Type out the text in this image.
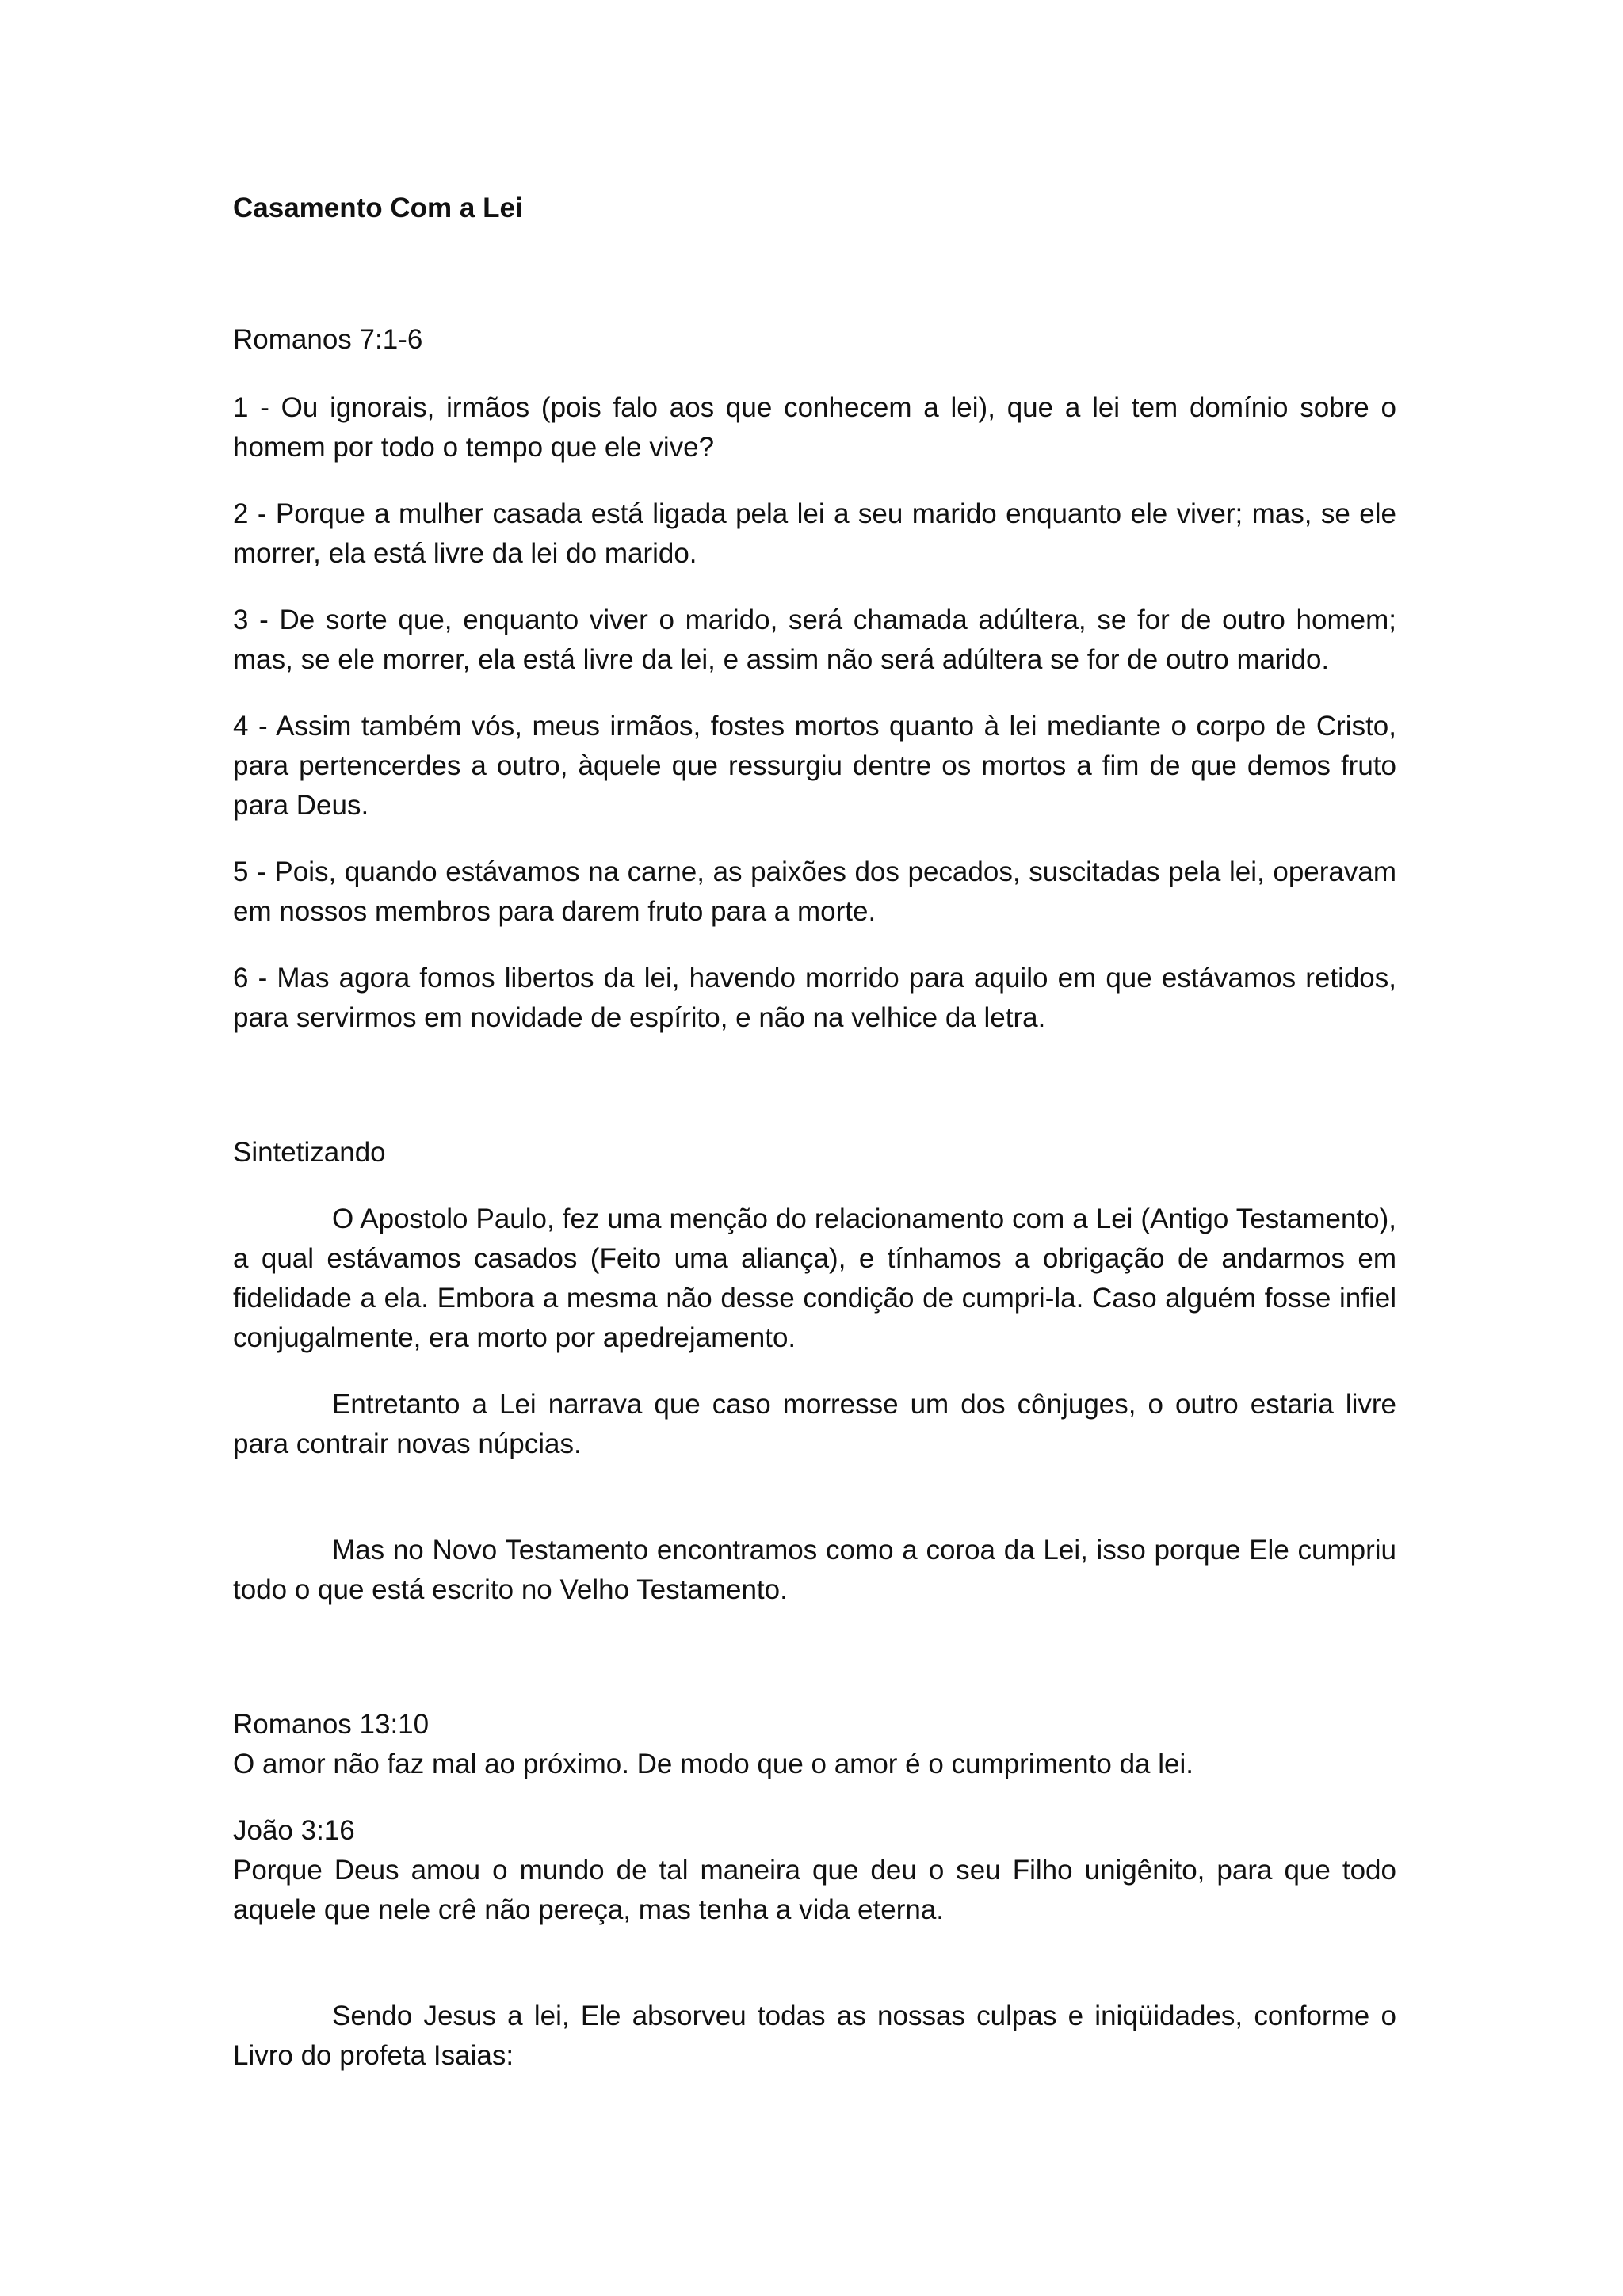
Casamento Com a Lei
Romanos 7:1-6

1 - Ou ignorais, irmãos (pois falo aos que conhecem a lei), que a lei tem domínio sobre o homem por todo o tempo que ele vive?

2 - Porque a mulher casada está ligada pela lei a seu marido enquanto ele viver; mas, se ele morrer, ela está livre da lei do marido.

3 - De sorte que, enquanto viver o marido, será chamada adúltera, se for de outro homem; mas, se ele morrer, ela está livre da lei, e assim não será adúltera se for de outro marido.

4 - Assim também vós, meus irmãos, fostes mortos quanto à lei mediante o corpo de Cristo, para pertencerdes a outro, àquele que ressurgiu dentre os mortos a fim de que demos fruto para Deus.

5 - Pois, quando estávamos na carne, as paixões dos pecados, suscitadas pela lei, operavam em nossos membros para darem fruto para a morte.

6 - Mas agora fomos libertos da lei, havendo morrido para aquilo em que estávamos retidos, para servirmos em novidade de espírito, e não na velhice da letra.

Sintetizando

O Apostolo Paulo, fez uma menção do relacionamento com a Lei (Antigo Testamento), a qual estávamos casados (Feito uma aliança), e tínhamos a obrigação de andarmos em fidelidade a ela. Embora a mesma não desse condição de cumpri-la. Caso alguém fosse infiel conjugalmente, era morto por apedrejamento.

Entretanto a Lei narrava que caso morresse um dos cônjuges, o outro estaria livre para contrair novas núpcias.

Mas no Novo Testamento encontramos como a coroa da Lei, isso porque Ele cumpriu todo o que está escrito no Velho Testamento.

Romanos 13:10
O amor não faz mal ao próximo. De modo que o amor é o cumprimento da lei.
João 3:16
Porque Deus amou o mundo de tal maneira que deu o seu Filho unigênito, para que todo aquele que nele crê não pereça, mas tenha a vida eterna.

Sendo Jesus a lei, Ele absorveu todas as nossas culpas e iniqüidades, conforme o Livro do profeta Isaias:
